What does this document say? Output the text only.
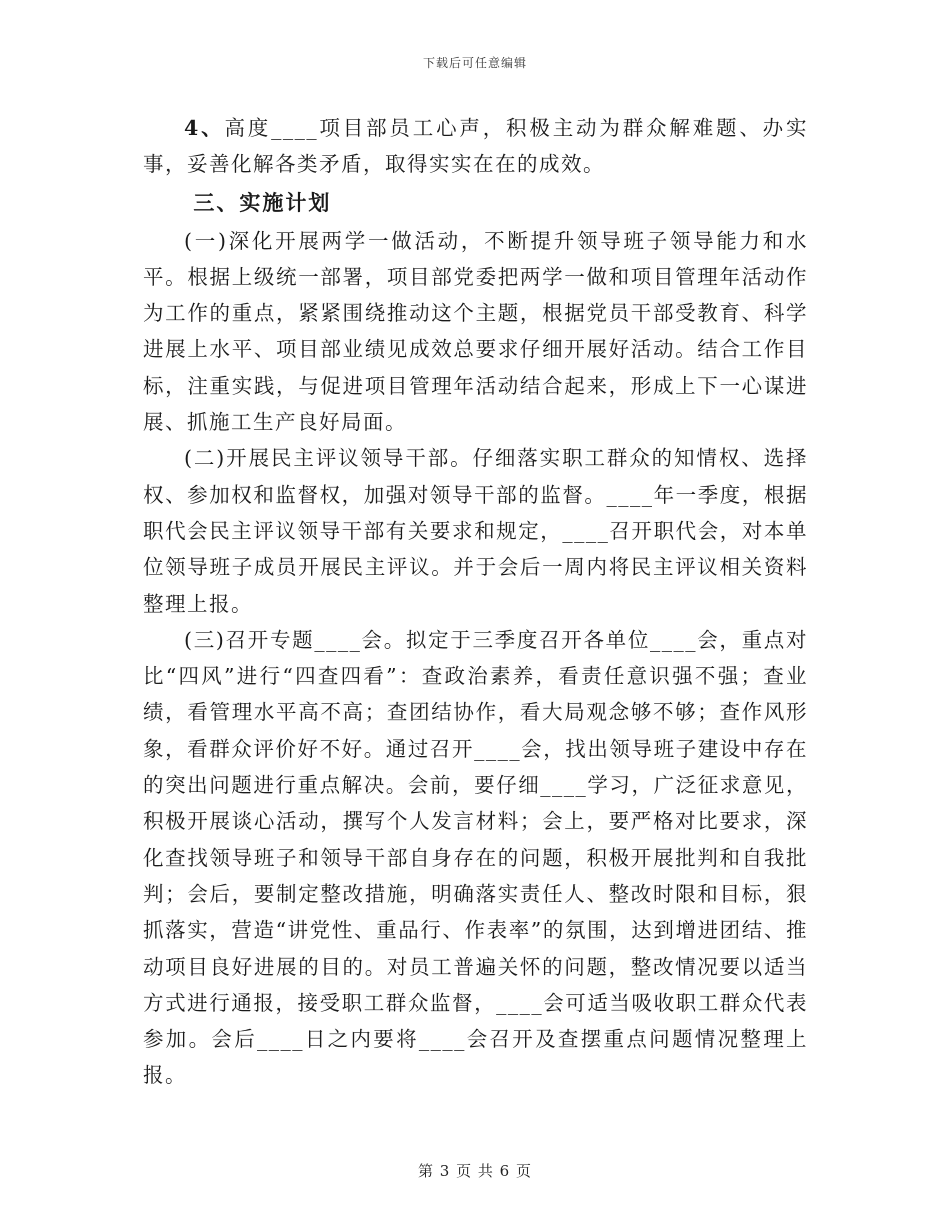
下载后可任意编辑

4、高度____项目部员工心声，积极主动为群众解难题、办实事，妥善化解各类矛盾，取得实实在在的成效。

三、实施计划

(一)深化开展两学一做活动，不断提升领导班子领导能力和水平。根据上级统一部署，项目部党委把两学一做和项目管理年活动作为工作的重点，紧紧围绕推动这个主题，根据党员干部受教育、科学进展上水平、项目部业绩见成效总要求仔细开展好活动。结合工作目标，注重实践，与促进项目管理年活动结合起来，形成上下一心谋进展、抓施工生产良好局面。

(二)开展民主评议领导干部。仔细落实职工群众的知情权、选择权、参加权和监督权，加强对领导干部的监督。____年一季度，根据职代会民主评议领导干部有关要求和规定，____召开职代会，对本单位领导班子成员开展民主评议。并于会后一周内将民主评议相关资料整理上报。

(三)召开专题____会。拟定于三季度召开各单位____会，重点对比“四风”进行“四查四看”：查政治素养，看责任意识强不强；查业绩，看管理水平高不高；查团结协作，看大局观念够不够；查作风形象，看群众评价好不好。通过召开____会，找出领导班子建设中存在的突出问题进行重点解决。会前，要仔细____学习，广泛征求意见，积极开展谈心活动，撰写个人发言材料；会上，要严格对比要求，深化查找领导班子和领导干部自身存在的问题，积极开展批判和自我批判；会后，要制定整改措施，明确落实责任人、整改时限和目标，狠抓落实，营造“讲党性、重品行、作表率”的氛围，达到增进团结、推动项目良好进展的目的。对员工普遍关怀的问题，整改情况要以适当方式进行通报，接受职工群众监督，____会可适当吸收职工群众代表参加。会后____日之内要将____会召开及查摆重点问题情况整理上报。

第 3 页 共 6 页
